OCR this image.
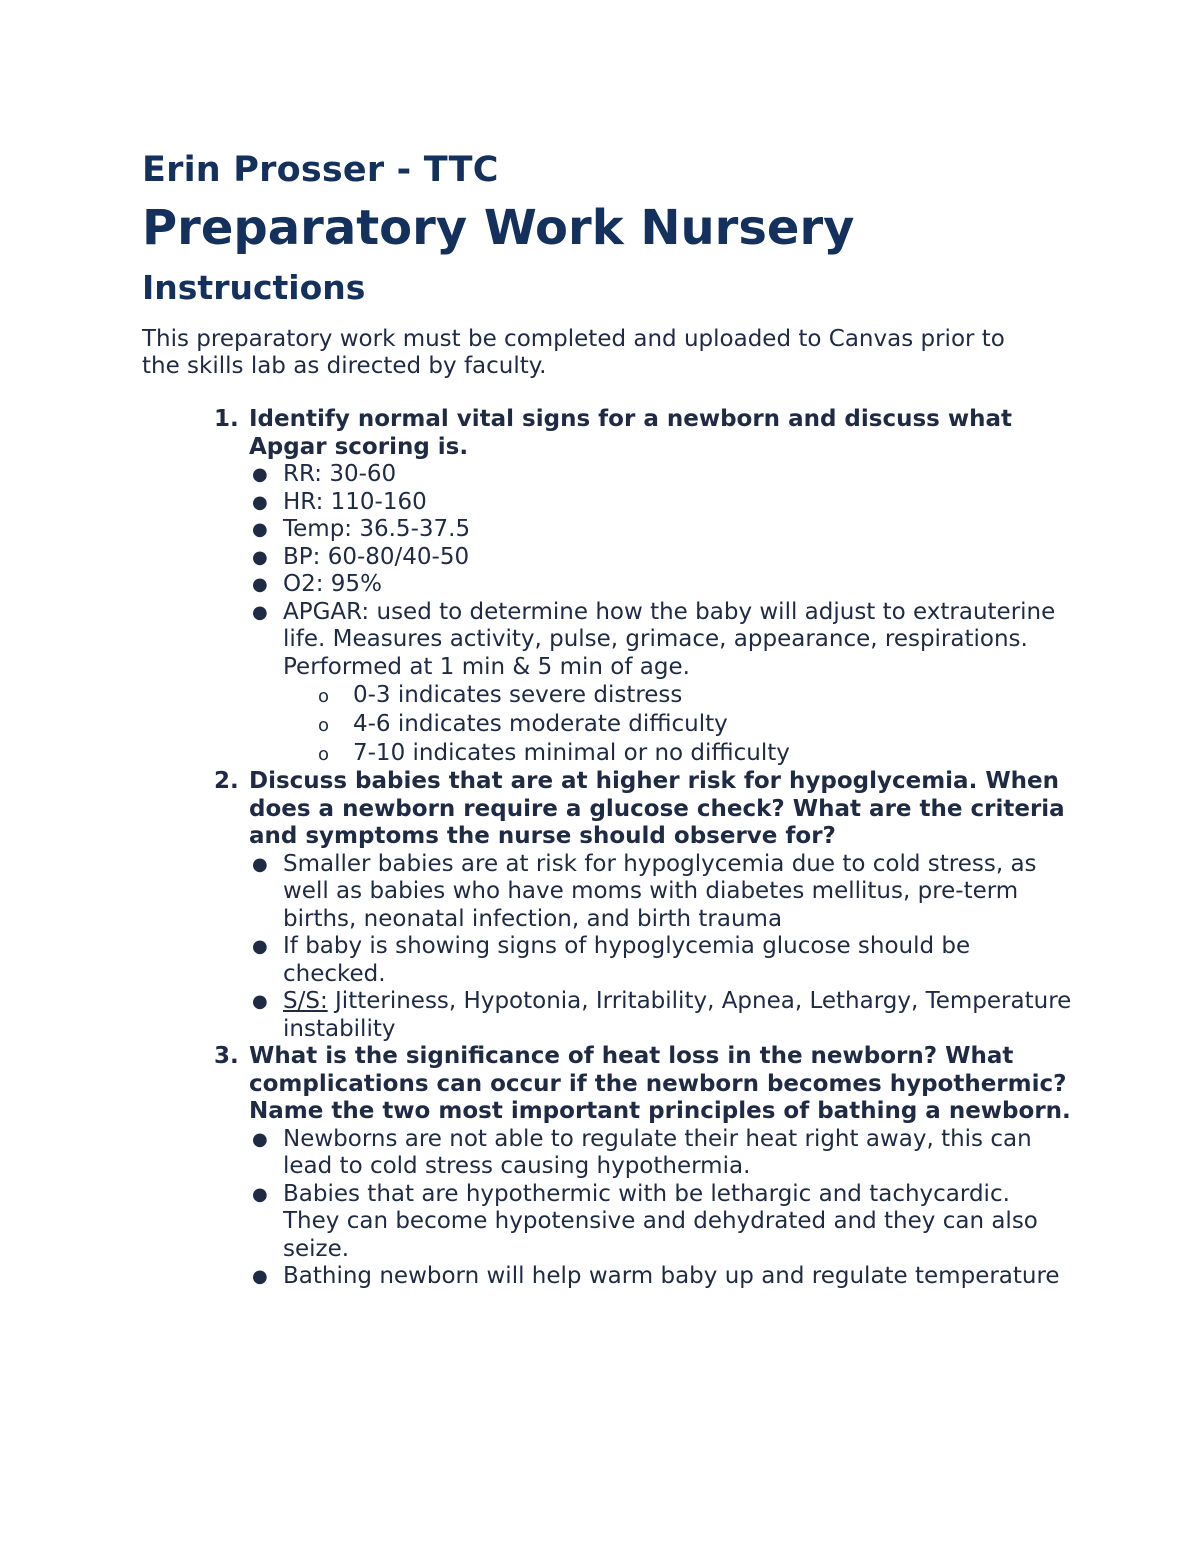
Erin Prosser - TTC
Preparatory Work Nursery
Instructions

This preparatory work must be completed and uploaded to Canvas prior to the skills lab as directed by faculty.

1. Identify normal vital signs for a newborn and discuss what Apgar scoring is.
● RR: 30-60
● HR: 110-160
● Temp: 36.5-37.5
● BP: 60-80/40-50
● O2: 95%
● APGAR: used to determine how the baby will adjust to extrauterine life. Measures activity, pulse, grimace, appearance, respirations. Performed at 1 min & 5 min of age.
o 0-3 indicates severe distress
o 4-6 indicates moderate difficulty
o 7-10 indicates minimal or no difficulty
2. Discuss babies that are at higher risk for hypoglycemia. When does a newborn require a glucose check? What are the criteria and symptoms the nurse should observe for?
● Smaller babies are at risk for hypoglycemia due to cold stress, as well as babies who have moms with diabetes mellitus, pre-term births, neonatal infection, and birth trauma
● If baby is showing signs of hypoglycemia glucose should be checked.
● S/S: Jitteriness, Hypotonia, Irritability, Apnea, Lethargy, Temperature instability
3. What is the significance of heat loss in the newborn? What complications can occur if the newborn becomes hypothermic? Name the two most important principles of bathing a newborn.
● Newborns are not able to regulate their heat right away, this can lead to cold stress causing hypothermia.
● Babies that are hypothermic with be lethargic and tachycardic. They can become hypotensive and dehydrated and they can also seize.
● Bathing newborn will help warm baby up and regulate temperature
